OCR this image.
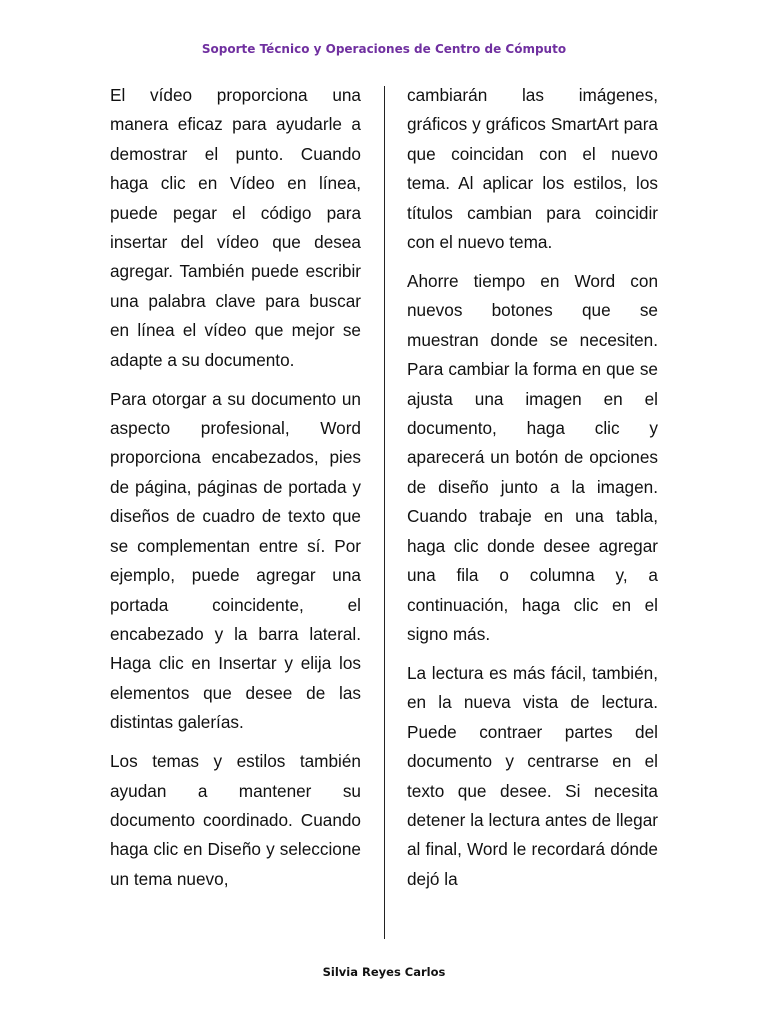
Soporte Técnico y Operaciones de Centro de Cómputo

El vídeo proporciona una manera eficaz para ayudarle a demostrar el punto. Cuando haga clic en Vídeo en línea, puede pegar el código para insertar del vídeo que desea agregar. También puede escribir una palabra clave para buscar en línea el vídeo que mejor se adapte a su documento.

Para otorgar a su documento un aspecto profesional, Word proporciona encabezados, pies de página, páginas de portada y diseños de cuadro de texto que se complementan entre sí. Por ejemplo, puede agregar una portada coincidente, el encabezado y la barra lateral. Haga clic en Insertar y elija los elementos que desee de las distintas galerías.

Los temas y estilos también ayudan a mantener su documento coordinado. Cuando haga clic en Diseño y seleccione un tema nuevo,

cambiarán las imágenes, gráficos y gráficos SmartArt para que coincidan con el nuevo tema. Al aplicar los estilos, los títulos cambian para coincidir con el nuevo tema.

Ahorre tiempo en Word con nuevos botones que se muestran donde se necesiten. Para cambiar la forma en que se ajusta una imagen en el documento, haga clic y aparecerá un botón de opciones de diseño junto a la imagen. Cuando trabaje en una tabla, haga clic donde desee agregar una fila o columna y, a continuación, haga clic en el signo más.

La lectura es más fácil, también, en la nueva vista de lectura. Puede contraer partes del documento y centrarse en el texto que desee. Si necesita detener la lectura antes de llegar al final, Word le recordará dónde dejó la

Silvia Reyes Carlos
